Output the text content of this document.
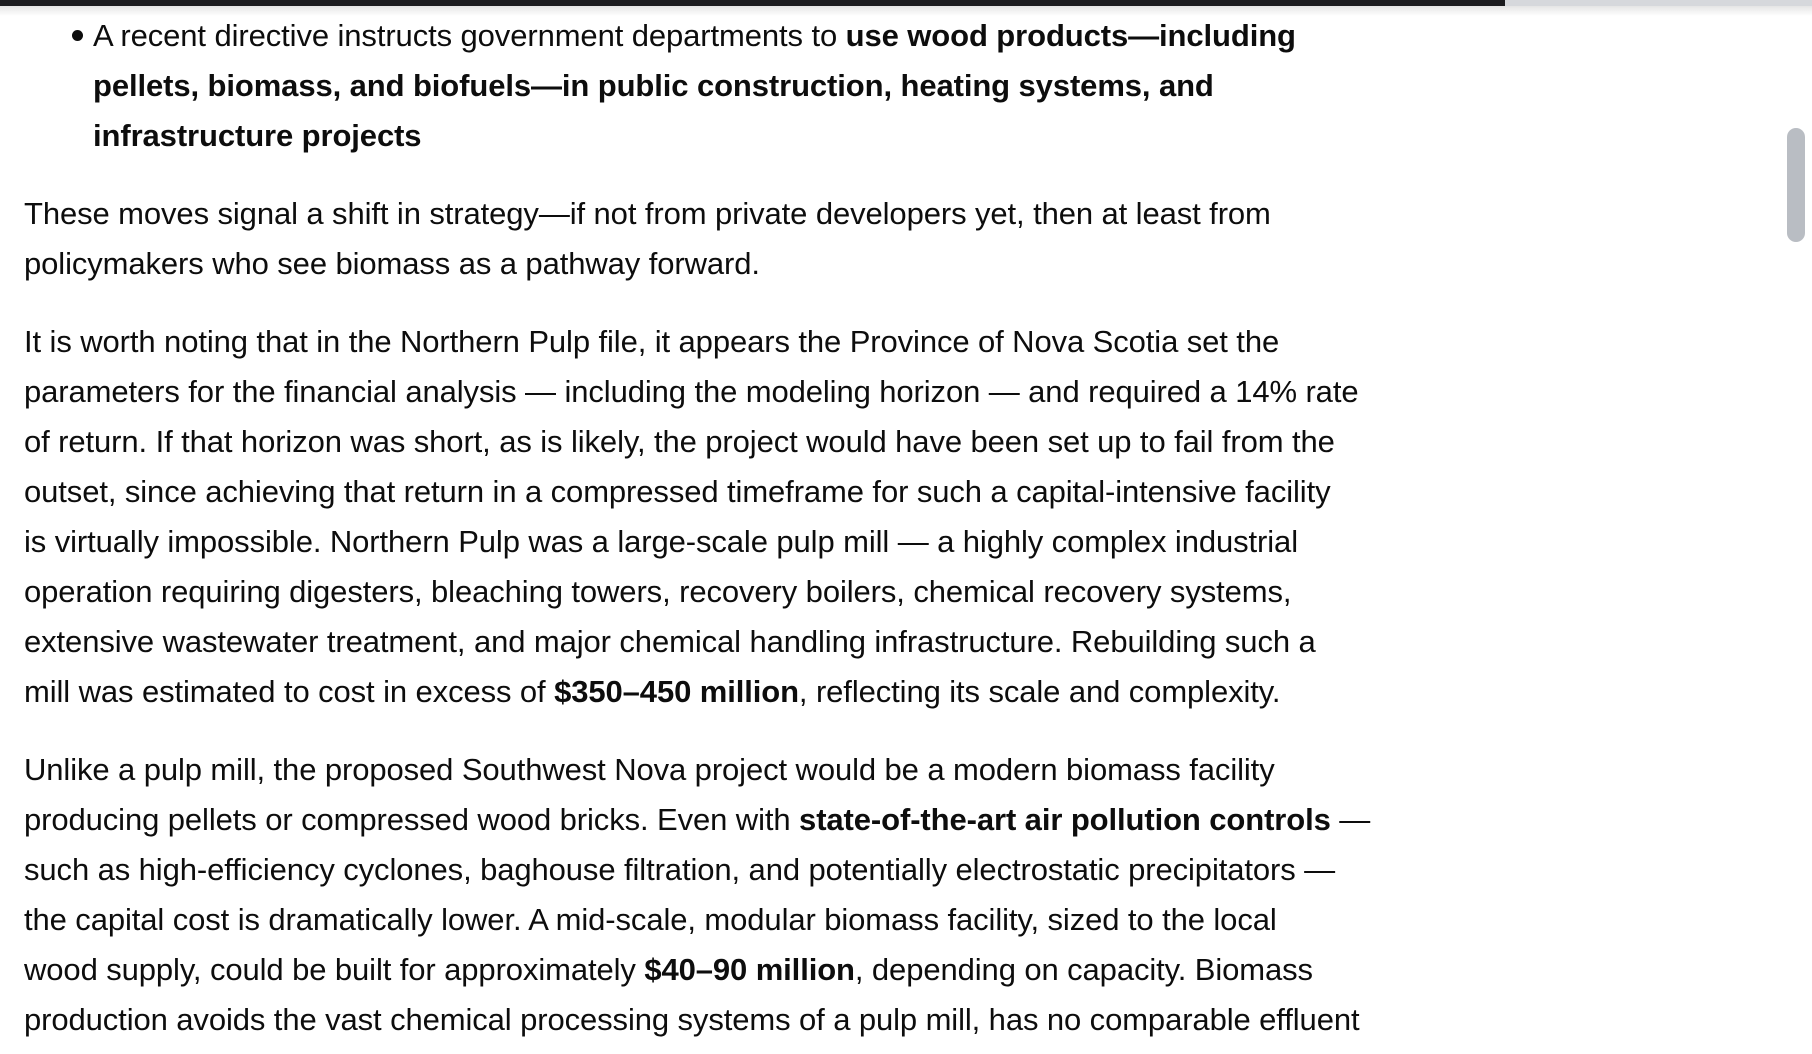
A recent directive instructs government departments to use wood products—including
pellets, biomass, and biofuels—in public construction, heating systems, and
infrastructure projects
These moves signal a shift in strategy—if not from private developers yet, then at least from
policymakers who see biomass as a pathway forward.
It is worth noting that in the Northern Pulp file, it appears the Province of Nova Scotia set the
parameters for the financial analysis — including the modeling horizon — and required a 14% rate
of return. If that horizon was short, as is likely, the project would have been set up to fail from the
outset, since achieving that return in a compressed timeframe for such a capital-intensive facility
is virtually impossible. Northern Pulp was a large-scale pulp mill — a highly complex industrial
operation requiring digesters, bleaching towers, recovery boilers, chemical recovery systems,
extensive wastewater treatment, and major chemical handling infrastructure. Rebuilding such a
mill was estimated to cost in excess of $350–450 million, reflecting its scale and complexity.
Unlike a pulp mill, the proposed Southwest Nova project would be a modern biomass facility
producing pellets or compressed wood bricks. Even with state-of-the-art air pollution controls —
such as high-efficiency cyclones, baghouse filtration, and potentially electrostatic precipitators —
the capital cost is dramatically lower. A mid-scale, modular biomass facility, sized to the local
wood supply, could be built for approximately $40–90 million, depending on capacity. Biomass
production avoids the vast chemical processing systems of a pulp mill, has no comparable effluent
